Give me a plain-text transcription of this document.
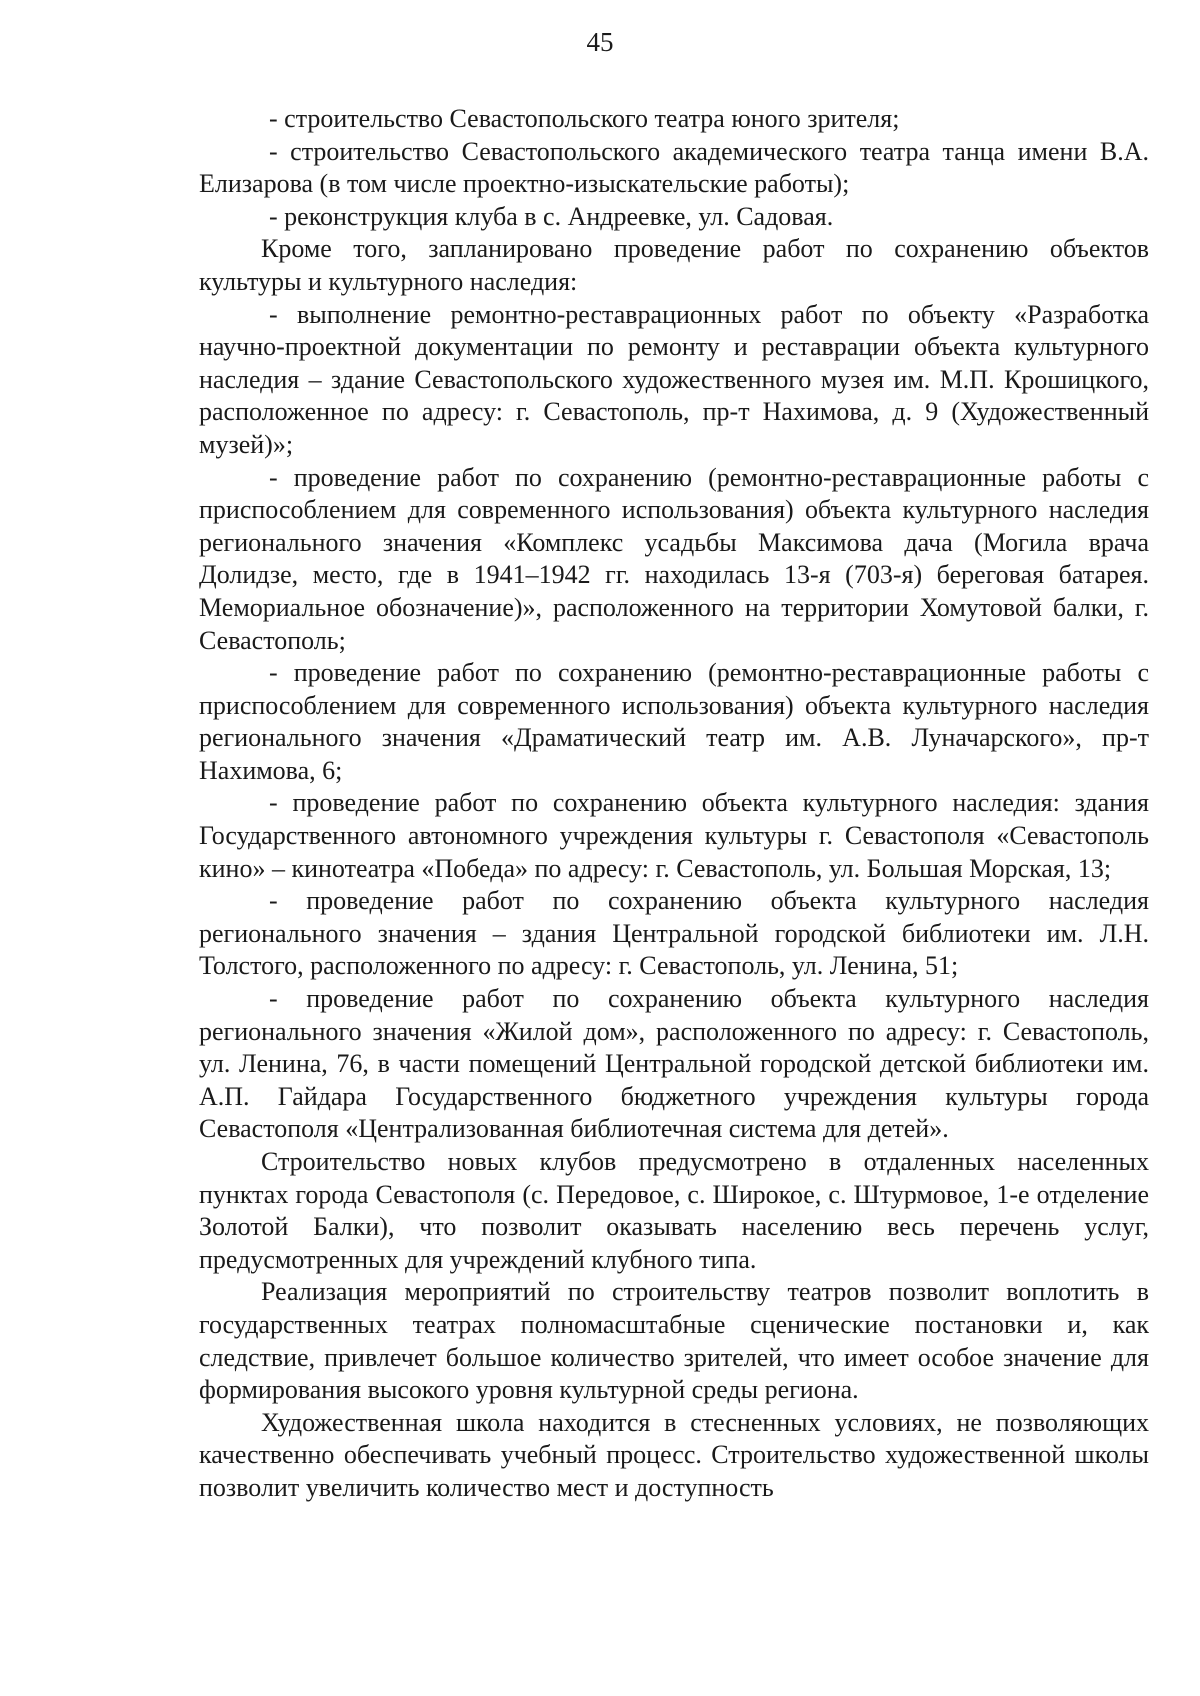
45

- строительство Севастопольского театра юного зрителя;

- строительство Севастопольского академического театра танца имени В.А. Елизарова (в том числе проектно-изыскательские работы);

- реконструкция клуба в с. Андреевке, ул. Садовая.

Кроме того, запланировано проведение работ по сохранению объектов культуры и культурного наследия:

- выполнение ремонтно-реставрационных работ по объекту «Разработка научно-проектной документации по ремонту и реставрации объекта культурного наследия – здание Севастопольского художественного музея им. М.П. Крошицкого, расположенное по адресу: г. Севастополь, пр-т Нахимова, д. 9 (Художественный музей)»;

- проведение работ по сохранению (ремонтно-реставрационные работы с приспособлением для современного использования) объекта культурного наследия регионального значения «Комплекс усадьбы Максимова дача (Могила врача Долидзе, место, где в 1941–1942 гг. находилась 13-я (703-я) береговая батарея. Мемориальное обозначение)», расположенного на территории Хомутовой балки, г. Севастополь;

- проведение работ по сохранению (ремонтно-реставрационные работы с приспособлением для современного использования) объекта культурного наследия регионального значения «Драматический театр им. А.В. Луначарского», пр-т Нахимова, 6;

- проведение работ по сохранению объекта культурного наследия: здания Государственного автономного учреждения культуры г. Севастополя «Севастополь кино» – кинотеатра «Победа» по адресу: г. Севастополь, ул. Большая Морская, 13;

- проведение работ по сохранению объекта культурного наследия регионального значения – здания Центральной городской библиотеки им. Л.Н. Толстого, расположенного по адресу: г. Севастополь, ул. Ленина, 51;

- проведение работ по сохранению объекта культурного наследия регионального значения «Жилой дом», расположенного по адресу: г. Севастополь, ул. Ленина, 76, в части помещений Центральной городской детской библиотеки им. А.П. Гайдара Государственного бюджетного учреждения культуры города Севастополя «Централизованная библиотечная система для детей».

Строительство новых клубов предусмотрено в отдаленных населенных пунктах города Севастополя (с. Передовое, с. Широкое, с. Штурмовое, 1-е отделение Золотой Балки), что позволит оказывать населению весь перечень услуг, предусмотренных для учреждений клубного типа.

Реализация мероприятий по строительству театров позволит воплотить в государственных театрах полномасштабные сценические постановки и, как следствие, привлечет большое количество зрителей, что имеет особое значение для формирования высокого уровня культурной среды региона.

Художественная школа находится в стесненных условиях, не позволяющих качественно обеспечивать учебный процесс. Строительство художественной школы позволит увеличить количество мест и доступность
